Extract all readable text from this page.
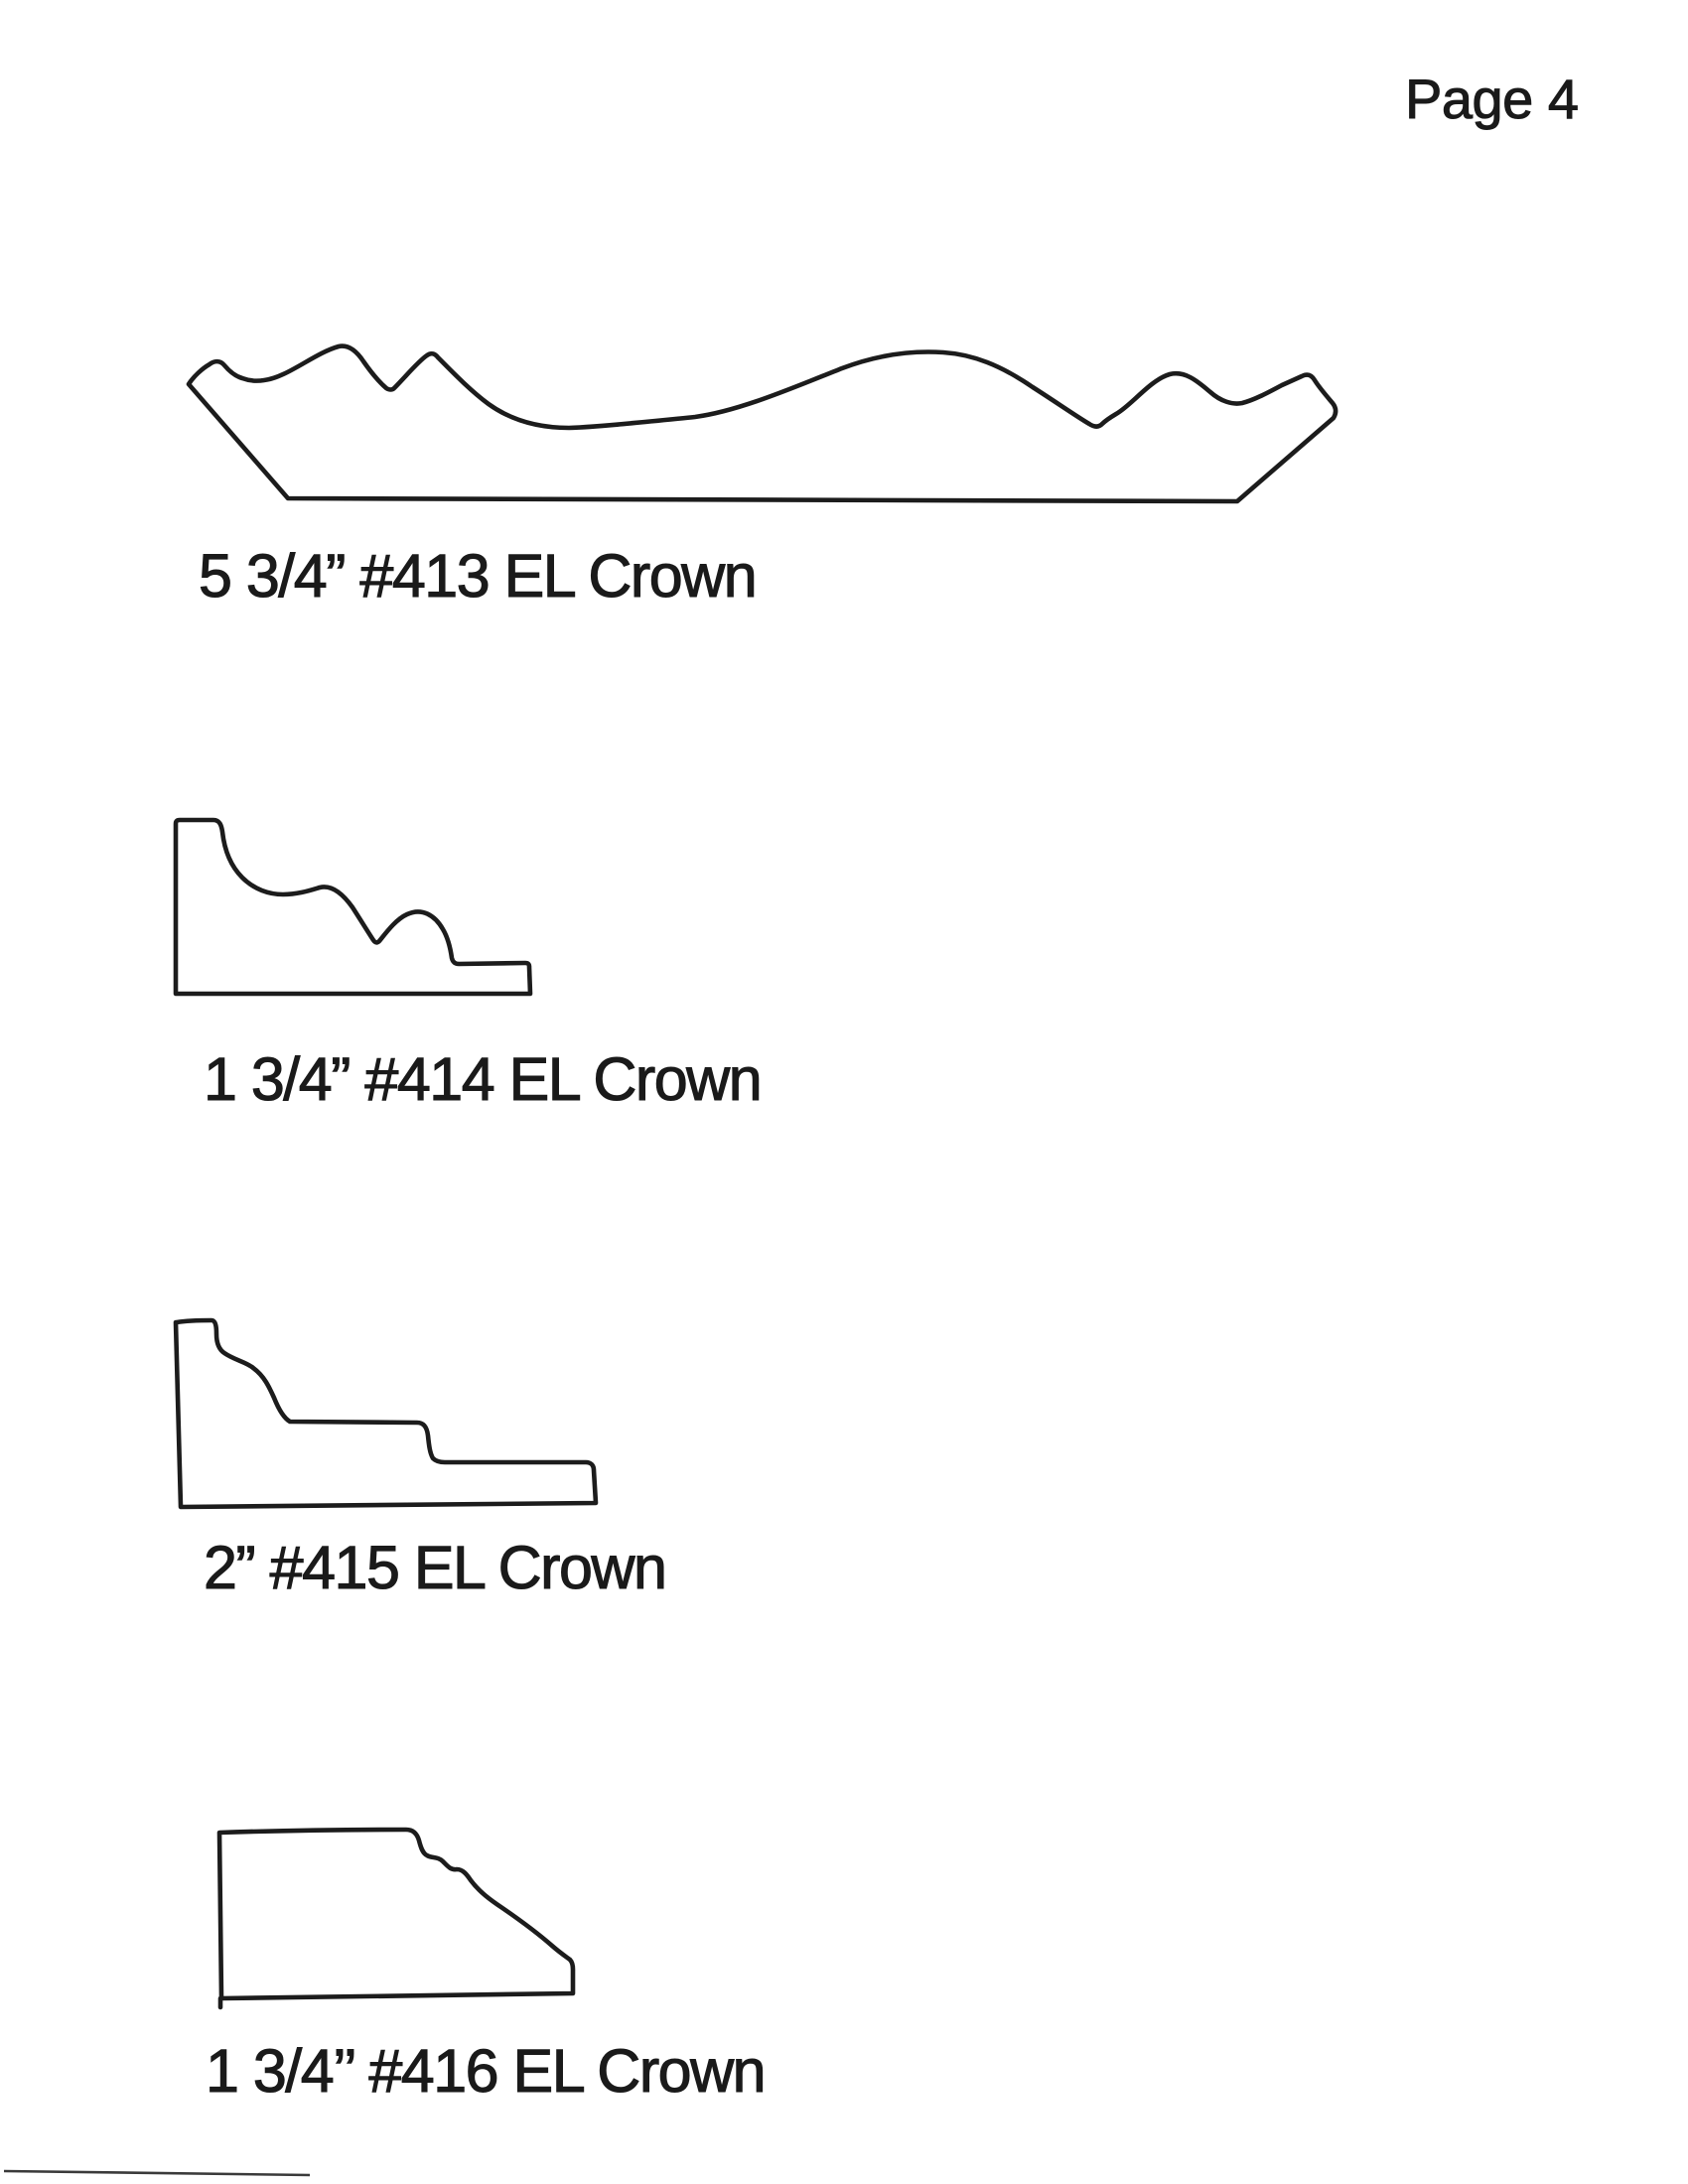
Page 4
5 3/4” #413 EL Crown
1 3/4” #414 EL Crown
2” #415 EL Crown
1 3/4’’ #416 EL Crown
